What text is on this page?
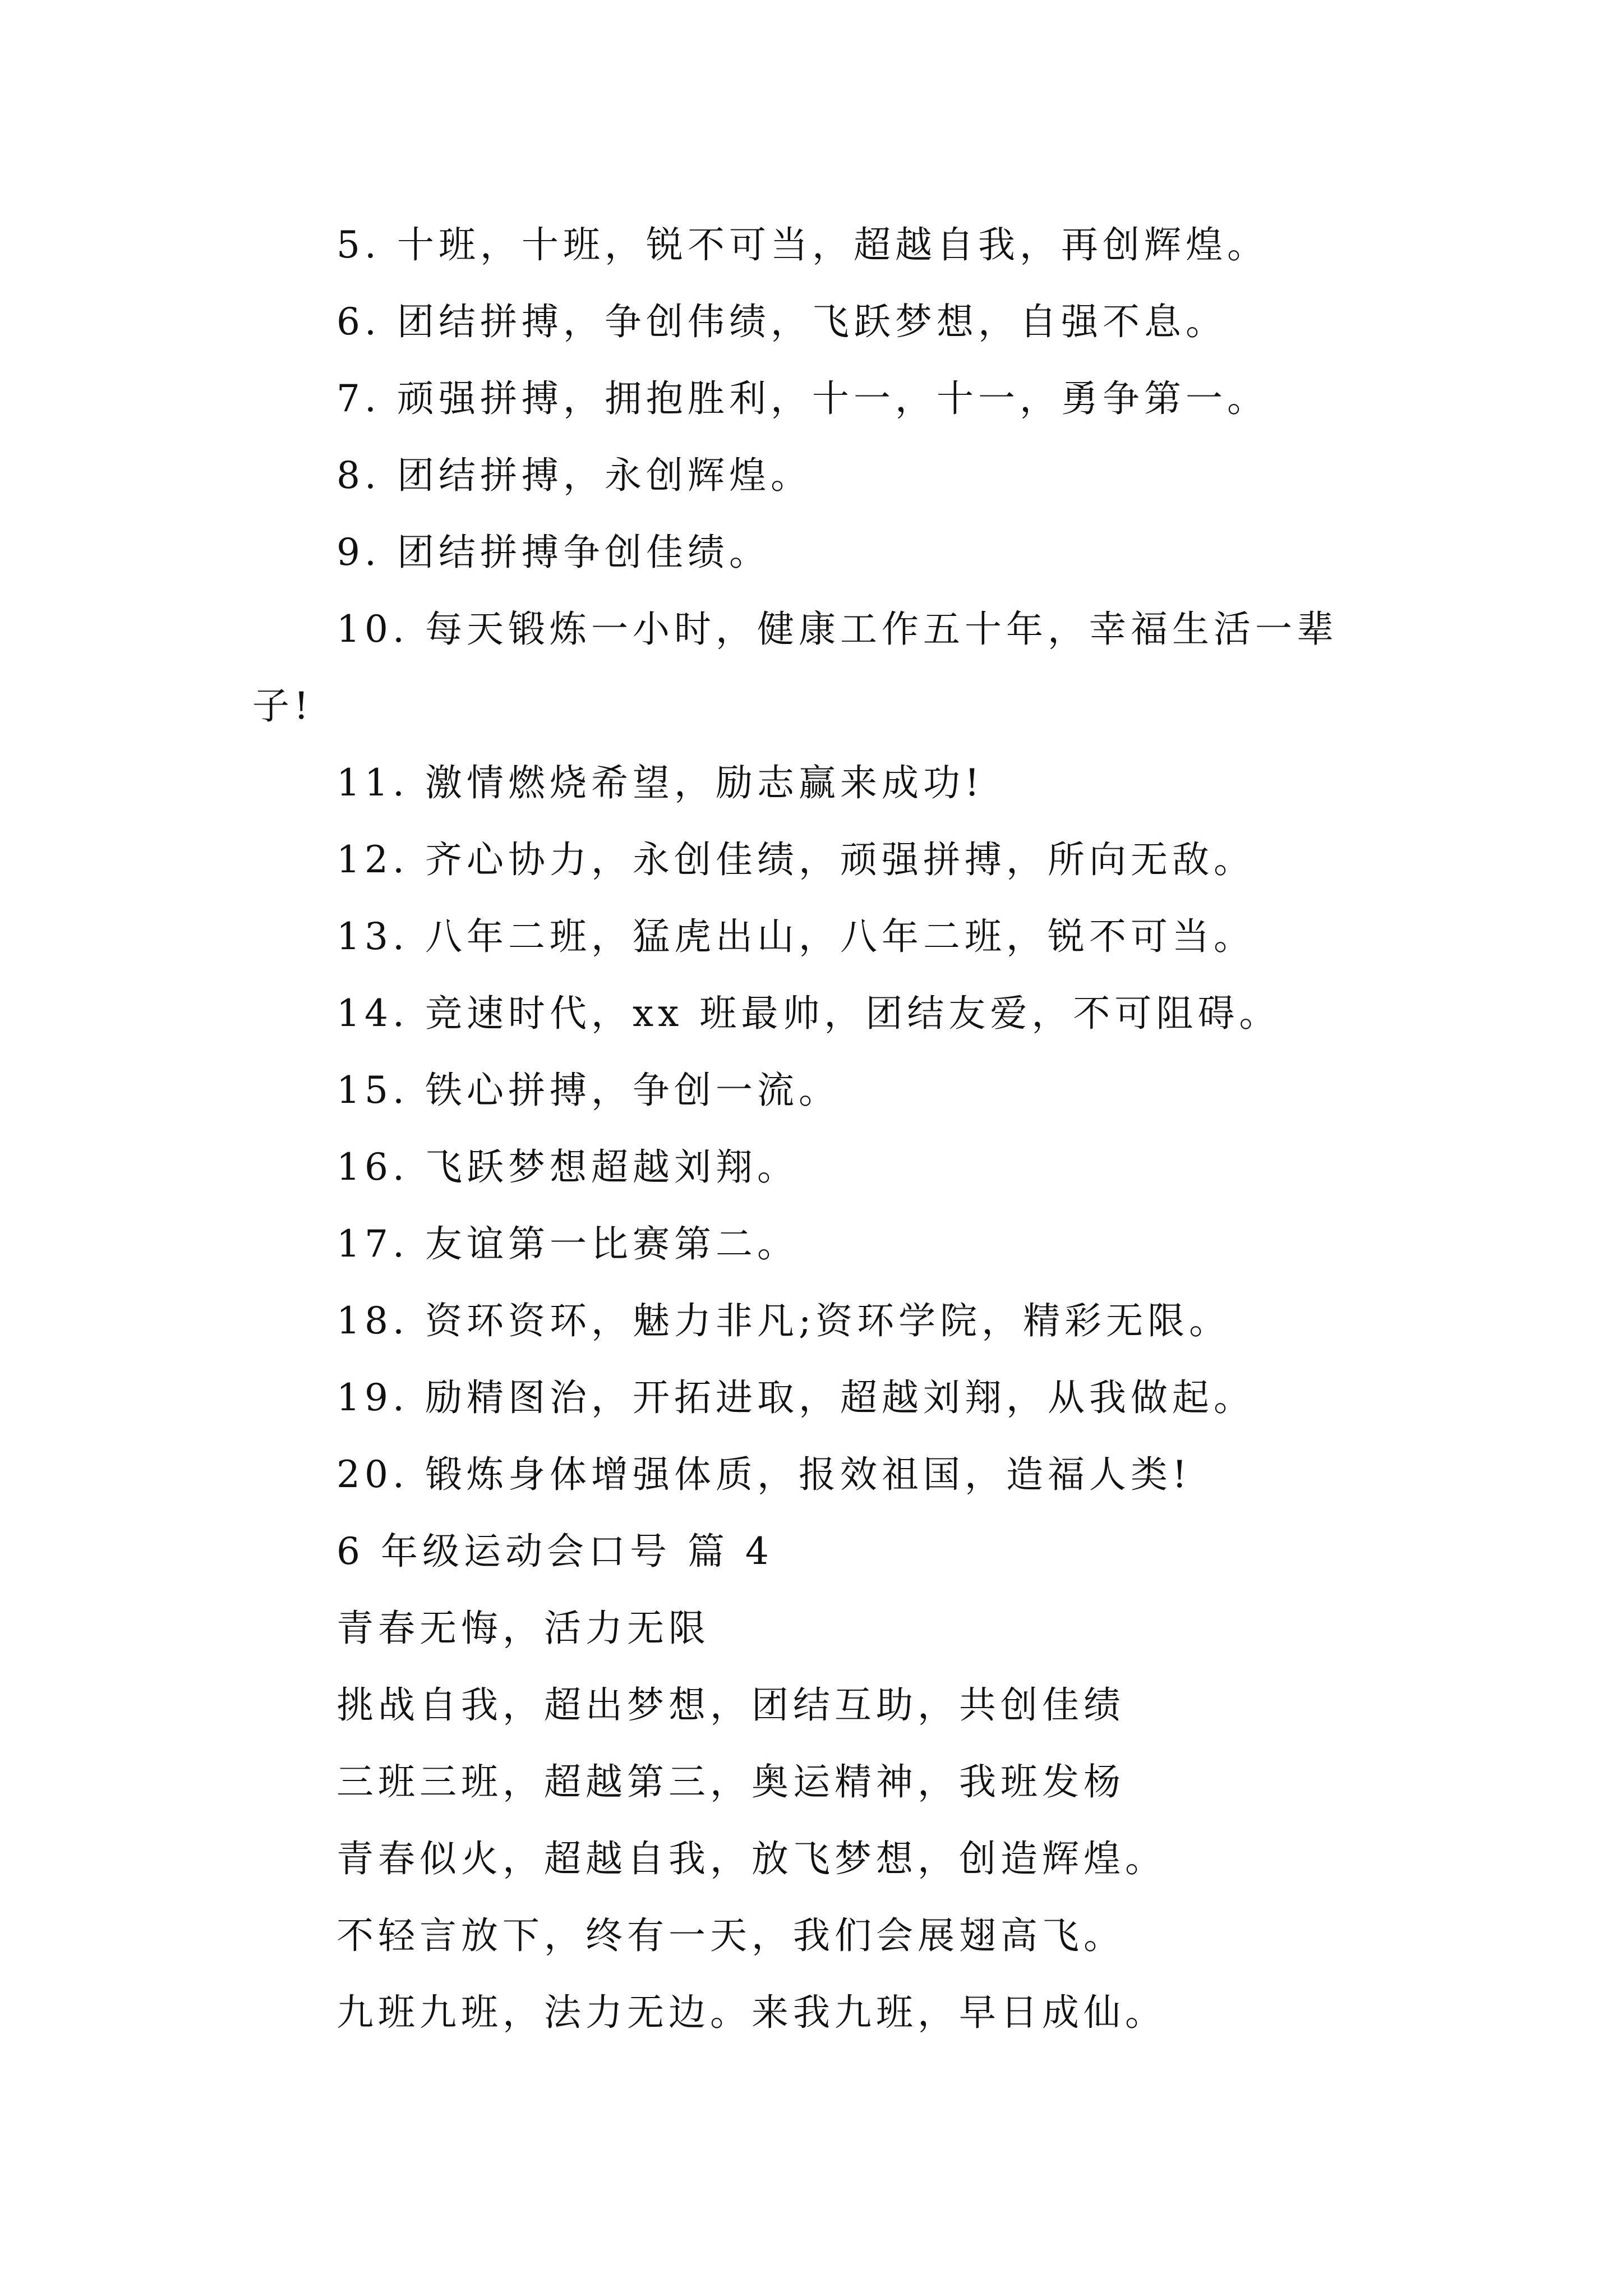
5. 十班，十班，锐不可当，超越自我，再创辉煌。
6. 团结拼搏，争创伟绩，飞跃梦想，自强不息。
7. 顽强拼搏，拥抱胜利，十一，十一，勇争第一。
8. 团结拼搏，永创辉煌。
9. 团结拼搏争创佳绩。
10. 每天锻炼一小时，健康工作五十年，幸福生活一辈
子!
11. 激情燃烧希望，励志赢来成功!
12. 齐心协力，永创佳绩，顽强拼搏，所向无敌。
13. 八年二班，猛虎出山，八年二班，锐不可当。
14. 竞速时代，xx 班最帅，团结友爱，不可阻碍。
15. 铁心拼搏，争创一流。
16. 飞跃梦想超越刘翔。
17. 友谊第一比赛第二。
18. 资环资环，魅力非凡;资环学院，精彩无限。
19. 励精图治，开拓进取，超越刘翔，从我做起。
20. 锻炼身体增强体质，报效祖国，造福人类!
6 年级运动会口号 篇 4
青春无悔，活力无限
挑战自我，超出梦想，团结互助，共创佳绩
三班三班，超越第三，奥运精神，我班发杨
青春似火，超越自我，放飞梦想，创造辉煌。
不轻言放下，终有一天，我们会展翅高飞。
九班九班，法力无边。来我九班，早日成仙。
